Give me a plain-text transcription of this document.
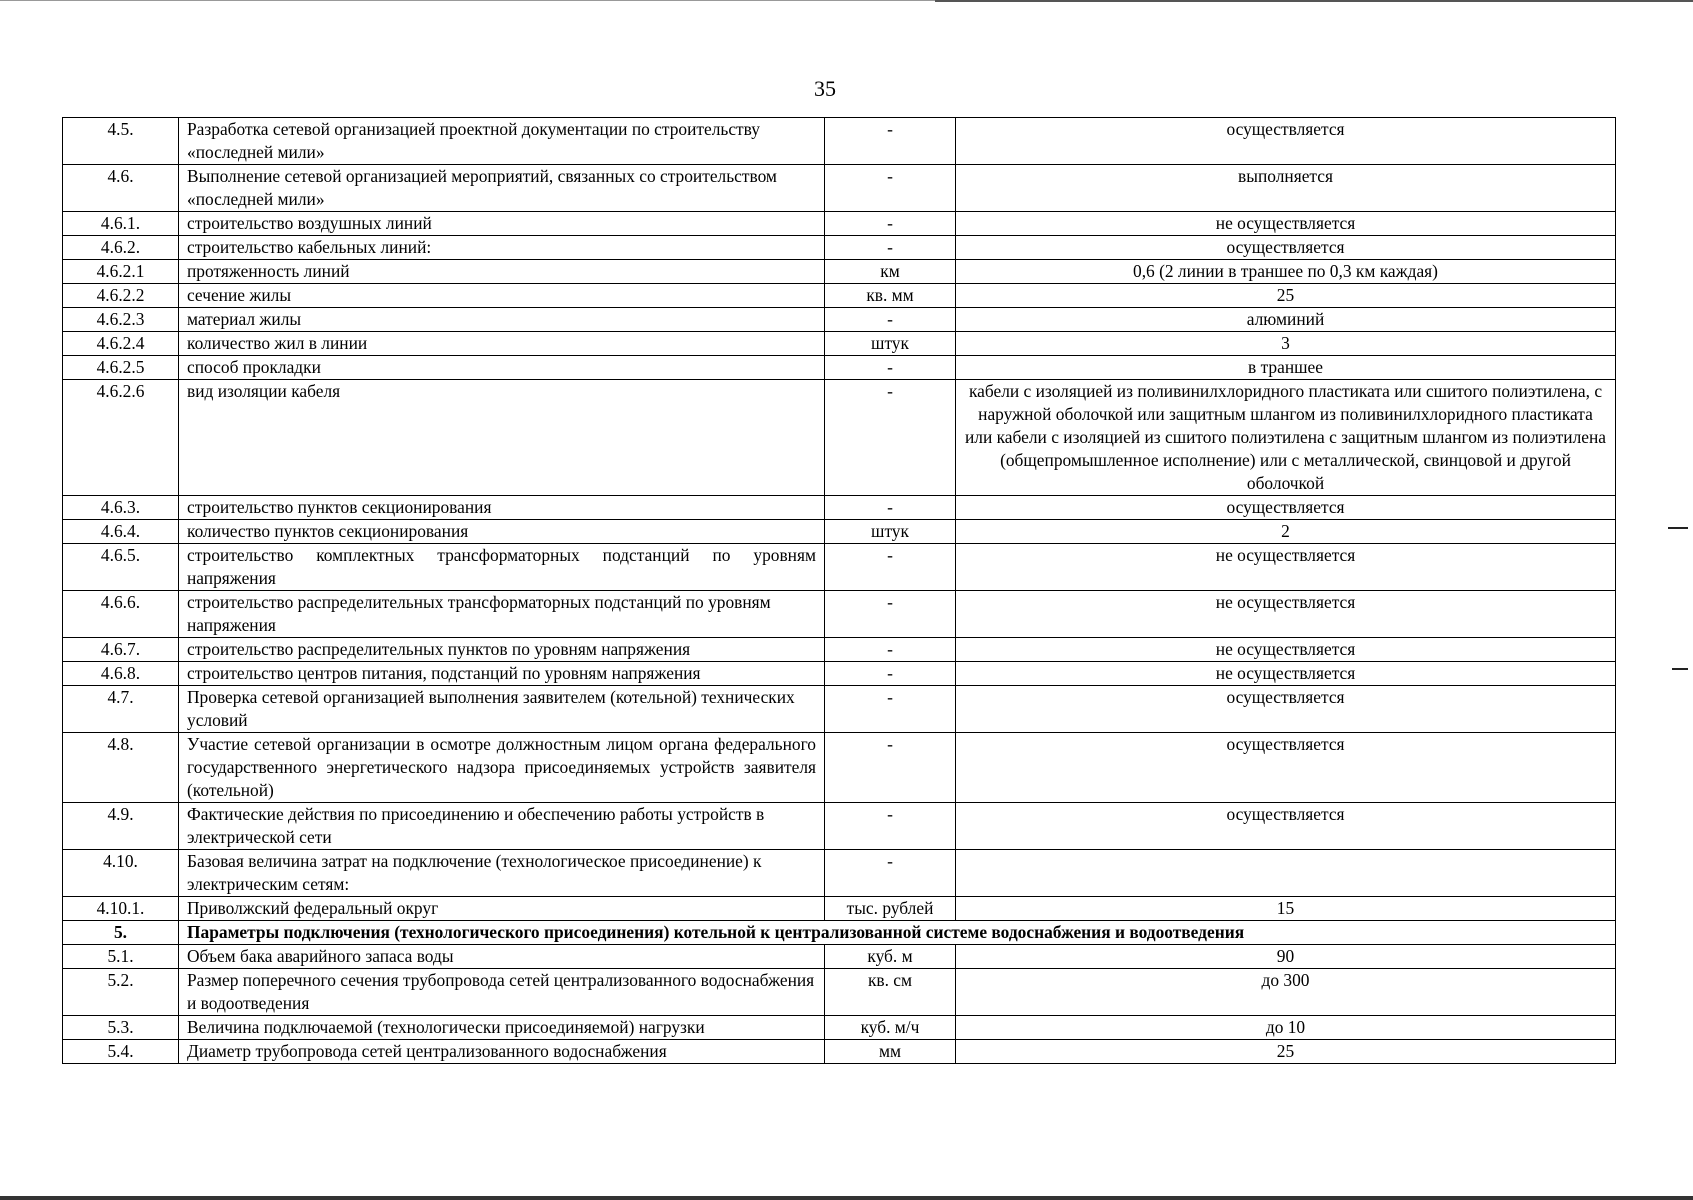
35
4.5.	Разработка сетевой организацией проектной документации по строительству «последней мили»	-	осуществляется
4.6.	Выполнение сетевой организацией мероприятий, связанных со строительством «последней мили»	-	выполняется
4.6.1.	строительство воздушных линий	-	не осуществляется
4.6.2.	строительство кабельных линий:	-	осуществляется
4.6.2.1	протяженность линий	км	0,6 (2 линии в траншее по 0,3 км каждая)
4.6.2.2	сечение жилы	кв. мм	25
4.6.2.3	материал жилы	-	алюминий
4.6.2.4	количество жил в линии	штук	3
4.6.2.5	способ прокладки	-	в траншее
4.6.2.6	вид изоляции кабеля	-	кабели с изоляцией из поливинилхлоридного пластиката или сшитого полиэтилена, с наружной оболочкой или защитным шлангом из поливинилхлоридного пластиката или кабели с изоляцией из сшитого полиэтилена с защитным шлангом из полиэтилена (общепромышленное исполнение) или с металлической, свинцовой и другой оболочкой
4.6.3.	строительство пунктов секционирования	-	осуществляется
4.6.4.	количество пунктов секционирования	штук	2
4.6.5.	строительство комплектных трансформаторных подстанций по уровням напряжения	-	не осуществляется
4.6.6.	строительство распределительных трансформаторных подстанций по уровням напряжения	-	не осуществляется
4.6.7.	строительство распределительных пунктов по уровням напряжения	-	не осуществляется
4.6.8.	строительство центров питания, подстанций по уровням напряжения	-	не осуществляется
4.7.	Проверка сетевой организацией выполнения заявителем (котельной) технических условий	-	осуществляется
4.8.	Участие сетевой организации в осмотре должностным лицом органа федерального государственного энергетического надзора присоединяемых устройств заявителя (котельной)	-	осуществляется
4.9.	Фактические действия по присоединению и обеспечению работы устройств в электрической сети	-	осуществляется
4.10.	Базовая величина затрат на подключение (технологическое присоединение) к электрическим сетям:	-	
4.10.1.	Приволжский федеральный округ	тыс. рублей	15
5.	Параметры подключения (технологического присоединения) котельной к централизованной системе водоснабжения и водоотведения		
5.1.	Объем бака аварийного запаса воды	куб. м	90
5.2.	Размер поперечного сечения трубопровода сетей централизованного водоснабжения и водоотведения	кв. см	до 300
5.3.	Величина подключаемой (технологически присоединяемой) нагрузки	куб. м/ч	до 10
5.4.	Диаметр трубопровода сетей централизованного водоснабжения	мм	25
